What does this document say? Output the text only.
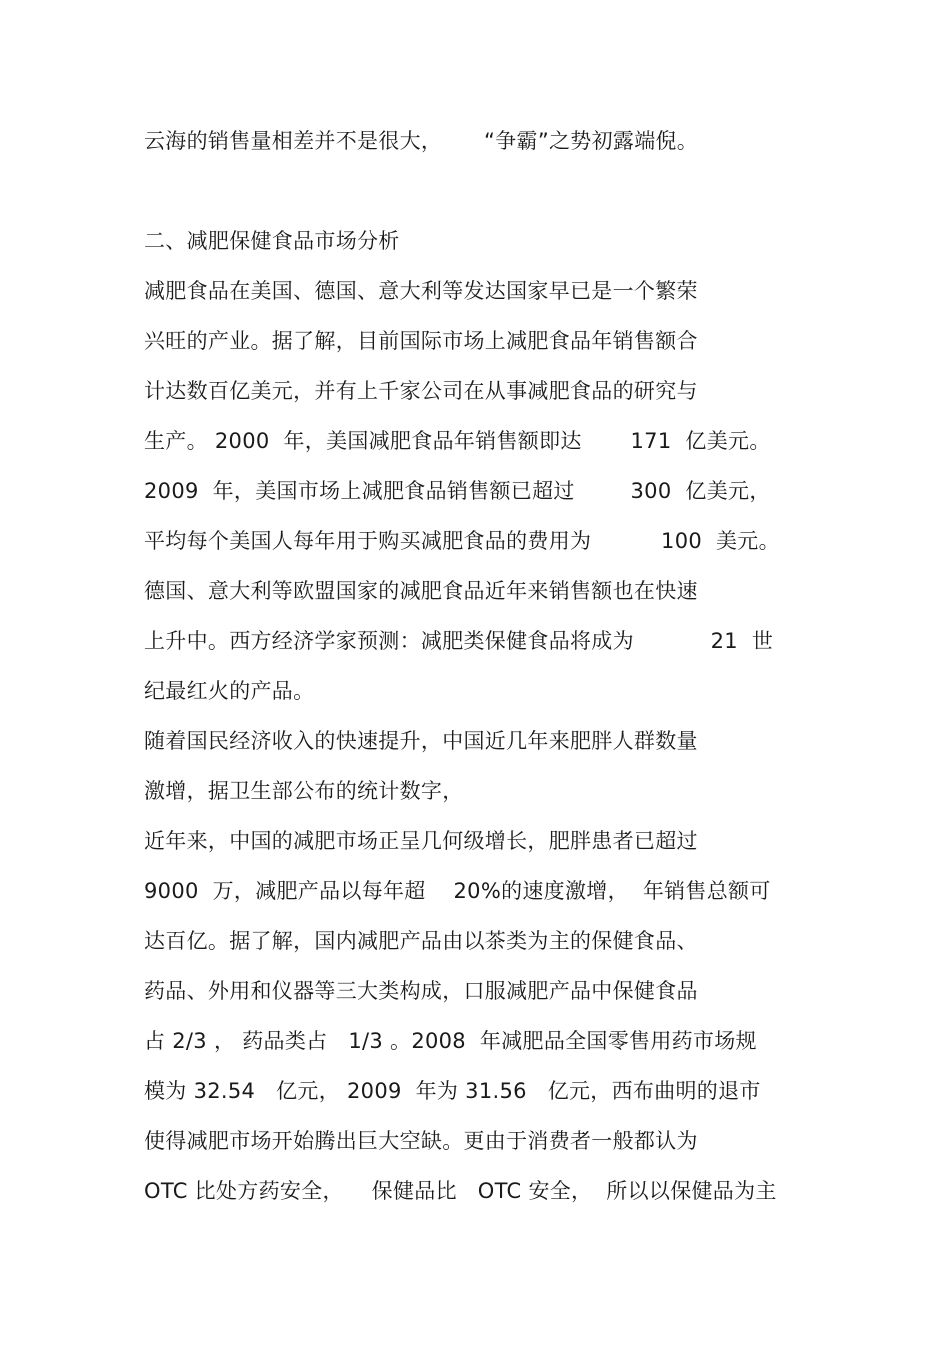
云海的销售量相差并不是很大，      “争霸”之势初露端倪。
二、减肥保健食品市场分析
减肥食品在美国、德国、意大利等发达国家早已是一个繁荣
兴旺的产业。据了解，目前国际市场上减肥食品年销售额合
计达数百亿美元，并有上千家公司在从事减肥食品的研究与
生产。 2000  年，美国减肥食品年销售额即达       171  亿美元。
2009  年，美国市场上减肥食品销售额已超过        300  亿美元，
平均每个美国人每年用于购买减肥食品的费用为          100  美元。
德国、意大利等欧盟国家的减肥食品近年来销售额也在快速
上升中。西方经济学家预测：减肥类保健食品将成为           21  世
纪最红火的产品。
随着国民经济收入的快速提升，中国近几年来肥胖人群数量
激增，据卫生部公布的统计数字，
近年来，中国的减肥市场正呈几何级增长，肥胖患者已超过
9000  万，减肥产品以每年超    20%的速度激增，  年销售总额可
达百亿。据了解，国内减肥产品由以茶类为主的保健食品、
药品、外用和仪器等三大类构成，口服减肥产品中保健食品
占 2/3 ， 药品类占   1/3 。2008  年减肥品全国零售用药市场规
模为 32.54   亿元， 2009  年为 31.56   亿元，西布曲明的退市
使得减肥市场开始腾出巨大空缺。更由于消费者一般都认为
OTC 比处方药安全，    保健品比   OTC 安全，  所以以保健品为主
